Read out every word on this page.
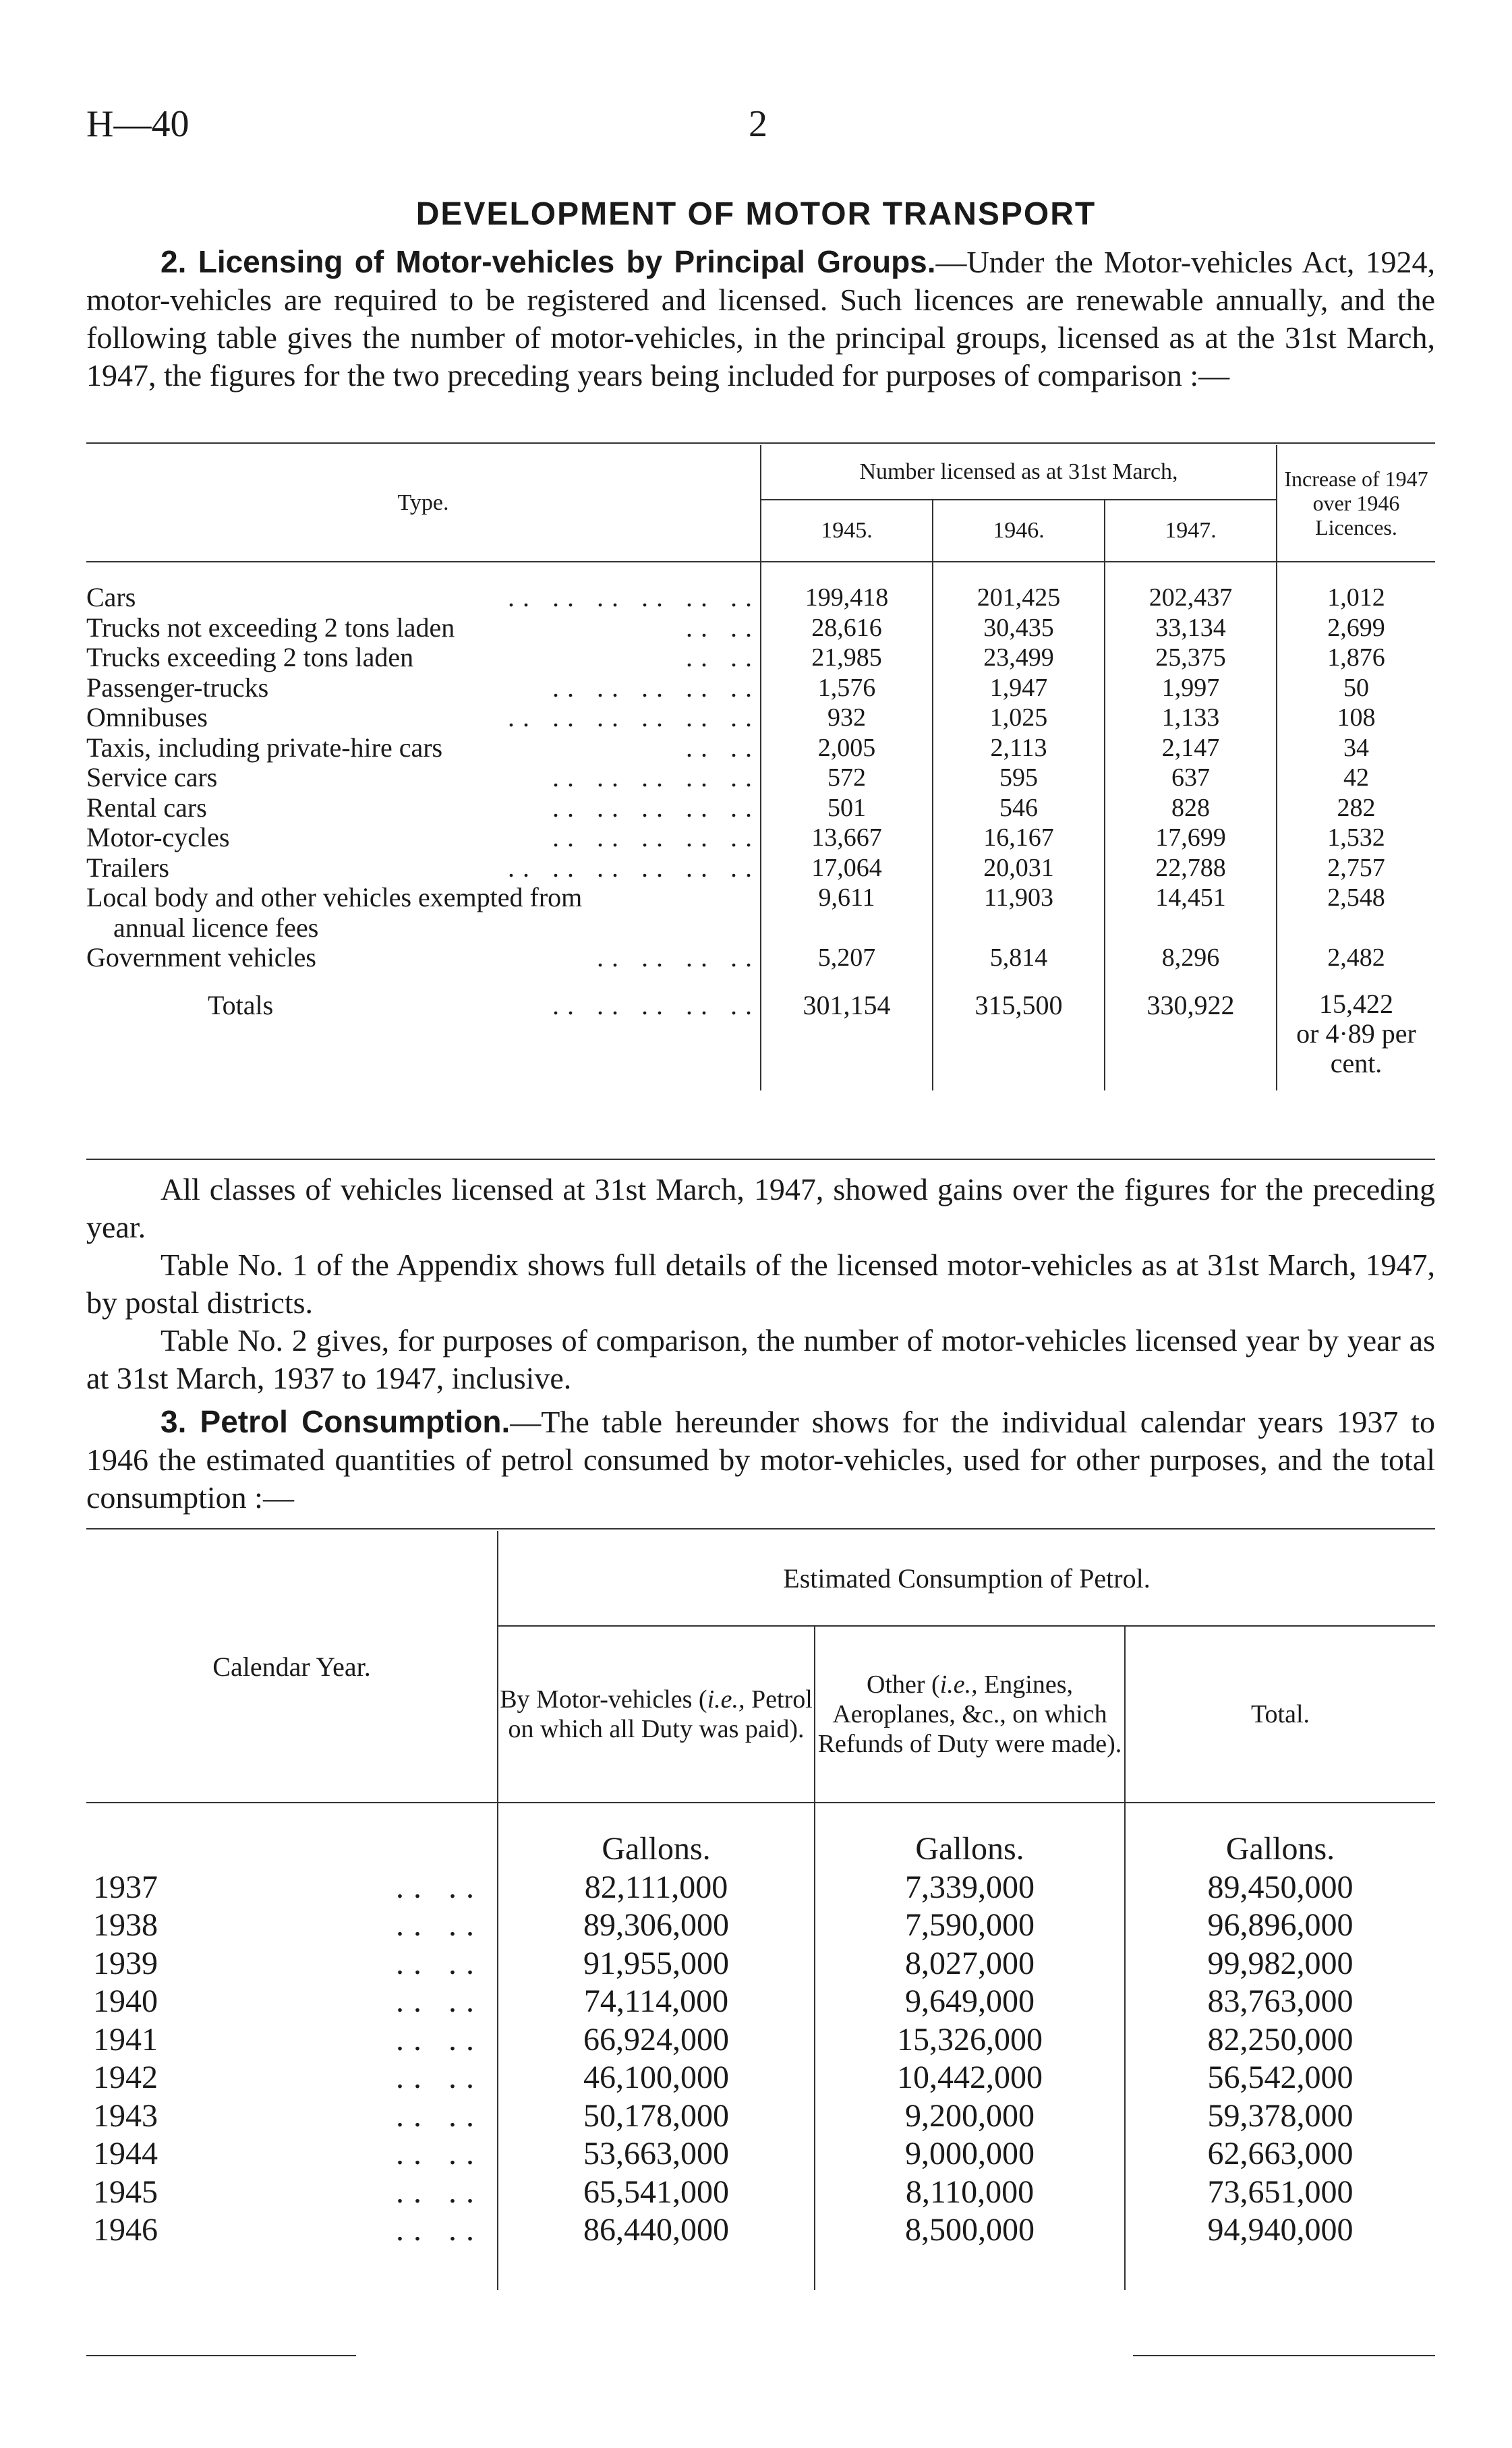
H—40	2
DEVELOPMENT OF MOTOR TRANSPORT

2. Licensing of Motor-vehicles by Principal Groups.—Under the Motor-vehicles Act, 1924, motor-vehicles are required to be registered and licensed. Such licences are renewable annually, and the following table gives the number of motor-vehicles, in the principal groups, licensed as at the 31st March, 1947, the figures for the two preceding years being included for purposes of comparison :—

Type.	Number licensed as at 31st March,			Increase of 1947 over 1946 Licences.
	1945.	1946.	1947.	
Cars .. .. .. .. .. ..	199,418	201,425	202,437	1,012
Trucks not exceeding 2 tons laden .. ..	28,616	30,435	33,134	2,699
Trucks exceeding 2 tons laden .. ..	21,985	23,499	25,375	1,876
Passenger-trucks .. .. .. .. ..	1,576	1,947	1,997	50
Omnibuses .. .. .. .. .. ..	932	1,025	1,133	108
Taxis, including private-hire cars .. ..	2,005	2,113	2,147	34
Service cars .. .. .. .. ..	572	595	637	42
Rental cars .. .. .. .. ..	501	546	828	282
Motor-cycles .. .. .. .. ..	13,667	16,167	17,699	1,532
Trailers .. .. .. .. .. ..	17,064	20,031	22,788	2,757
Local body and other vehicles exempted from	9,611	11,903	14,451	2,548
annual licence fees				
Government vehicles .. .. .. ..	5,207	5,814	8,296	2,482
Totals .. .. .. .. ..	301,154	315,500	330,922	15,422
or 4·89 per cent.

All classes of vehicles licensed at 31st March, 1947, showed gains over the figures for the preceding year.

Table No. 1 of the Appendix shows full details of the licensed motor-vehicles as at 31st March, 1947, by postal districts.

Table No. 2 gives, for purposes of comparison, the number of motor-vehicles licensed year by year as at 31st March, 1937 to 1947, inclusive.

3. Petrol Consumption.—The table hereunder shows for the individual calendar years 1937 to 1946 the estimated quantities of petrol consumed by motor-vehicles, used for other purposes, and the total consumption :—

Calendar Year.	Estimated Consumption of Petrol.		
	By Motor-vehicles (i.e., Petrol on which all Duty was paid).	Other (i.e., Engines, Aeroplanes, &c., on which Refunds of Duty were made).	Total.
	Gallons.	Gallons.	Gallons.
1937 .. ..	82,111,000	7,339,000	89,450,000
1938 .. ..	89,306,000	7,590,000	96,896,000
1939 .. ..	91,955,000	8,027,000	99,982,000
1940 .. ..	74,114,000	9,649,000	83,763,000
1941 .. ..	66,924,000	15,326,000	82,250,000
1942 .. ..	46,100,000	10,442,000	56,542,000
1943 .. ..	50,178,000	9,200,000	59,378,000
1944 .. ..	53,663,000	9,000,000	62,663,000
1945 .. ..	65,541,000	8,110,000	73,651,000
1946 .. ..	86,440,000	8,500,000	94,940,000
